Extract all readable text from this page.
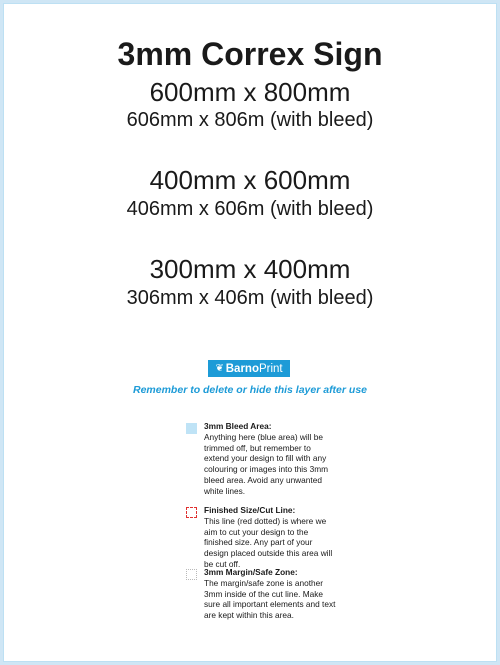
3mm Correx Sign
600mm x 800mm
606mm x 806m (with bleed)
400mm x 600mm
406mm x 606m (with bleed)
300mm x 400mm
306mm x 406m (with bleed)
❦ BarnoPrint
Remember to delete or hide this layer after use
3mm Bleed Area:
Anything here (blue area) will be trimmed off, but remember to extend your design to fill with any colouring or images into this 3mm bleed area. Avoid any unwanted white lines.
Finished Size/Cut Line:
This line (red dotted) is where we aim to cut your design to the finished size. Any part of your design placed outside this area will be cut off.
3mm Margin/Safe Zone:
The margin/safe zone is another 3mm inside of the cut line. Make sure all important elements and text are kept within this area.
